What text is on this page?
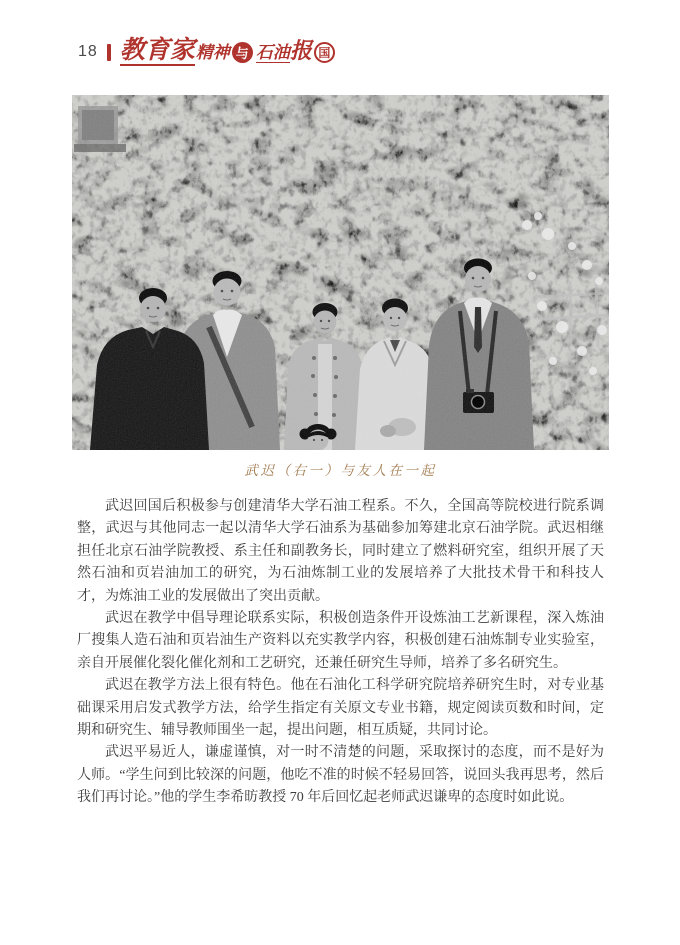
18 教育家 精神 与 石油 报 国
武迟（右一）与友人在一起

武迟回国后积极参与创建清华大学石油工程系。不久，全国高等院校进行院系调整，武迟与其他同志一起以清华大学石油系为基础参加筹建北京石油学院。武迟相继担任北京石油学院教授、系主任和副教务长，同时建立了燃料研究室，组织开展了天然石油和页岩油加工的研究，为石油炼制工业的发展培养了大批技术骨干和科技人才，为炼油工业的发展做出了突出贡献。

武迟在教学中倡导理论联系实际，积极创造条件开设炼油工艺新课程，深入炼油厂搜集人造石油和页岩油生产资料以充实教学内容，积极创建石油炼制专业实验室，亲自开展催化裂化催化剂和工艺研究，还兼任研究生导师，培养了多名研究生。

武迟在教学方法上很有特色。他在石油化工科学研究院培养研究生时，对专业基础课采用启发式教学方法，给学生指定有关原文专业书籍，规定阅读页数和时间，定期和研究生、辅导教师围坐一起，提出问题，相互质疑，共同讨论。

武迟平易近人，谦虚谨慎，对一时不清楚的问题，采取探讨的态度，而不是好为人师。“学生问到比较深的问题，他吃不准的时候不轻易回答，说回头我再思考，然后我们再讨论。”他的学生李希昉教授 70 年后回忆起老师武迟谦卑的态度时如此说。
